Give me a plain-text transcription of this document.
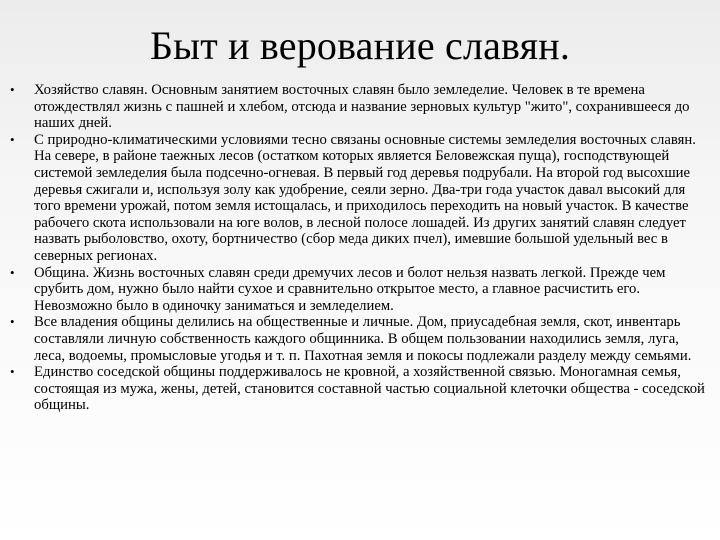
Быт и верование славян.
•	Хозяйство славян. Основным занятием восточных славян было земледелие. Человек в те времена отождествлял жизнь с пашней и хлебом, отсюда и название зерновых культур "жито", сохранившееся до наших дней.
•	С природно-климатическими условиями тесно связаны основные системы земледелия восточных славян. На севере, в районе таежных лесов (остатком которых является Беловежская пуща), господствующей системой земледелия была подсечно-огневая. В первый год деревья подрубали. На второй год высохшие деревья сжигали и, используя золу как удобрение, сеяли зерно. Два-три года участок давал высокий для того времени урожай, потом земля истощалась, и приходилось переходить на новый участок. В качестве рабочего скота использовали на юге волов, в лесной полосе лошадей. Из других занятий славян следует назвать рыболовство, охоту, бортничество (сбор меда диких пчел), имевшие большой удельный вес в северных регионах.
•	Община. Жизнь восточных славян среди дремучих лесов и болот нельзя назвать легкой. Прежде чем срубить дом, нужно было найти сухое и сравнительно открытое место, а главное расчистить его. Невозможно было в одиночку заниматься и земледелием.
•	Все владения общины делились на общественные и личные. Дом, приусадебная земля, скот, инвентарь составляли личную собственность каждого общинника. В общем пользовании находились земля, луга, леса, водоемы, промысловые угодья и т. п. Пахотная земля и покосы подлежали разделу между семьями.
•	Единство соседской общины поддерживалось не кровной, а хозяйственной связью. Моногамная семья, состоящая из мужа, жены, детей, становится составной частью социальной клеточки общества - соседской общины.
